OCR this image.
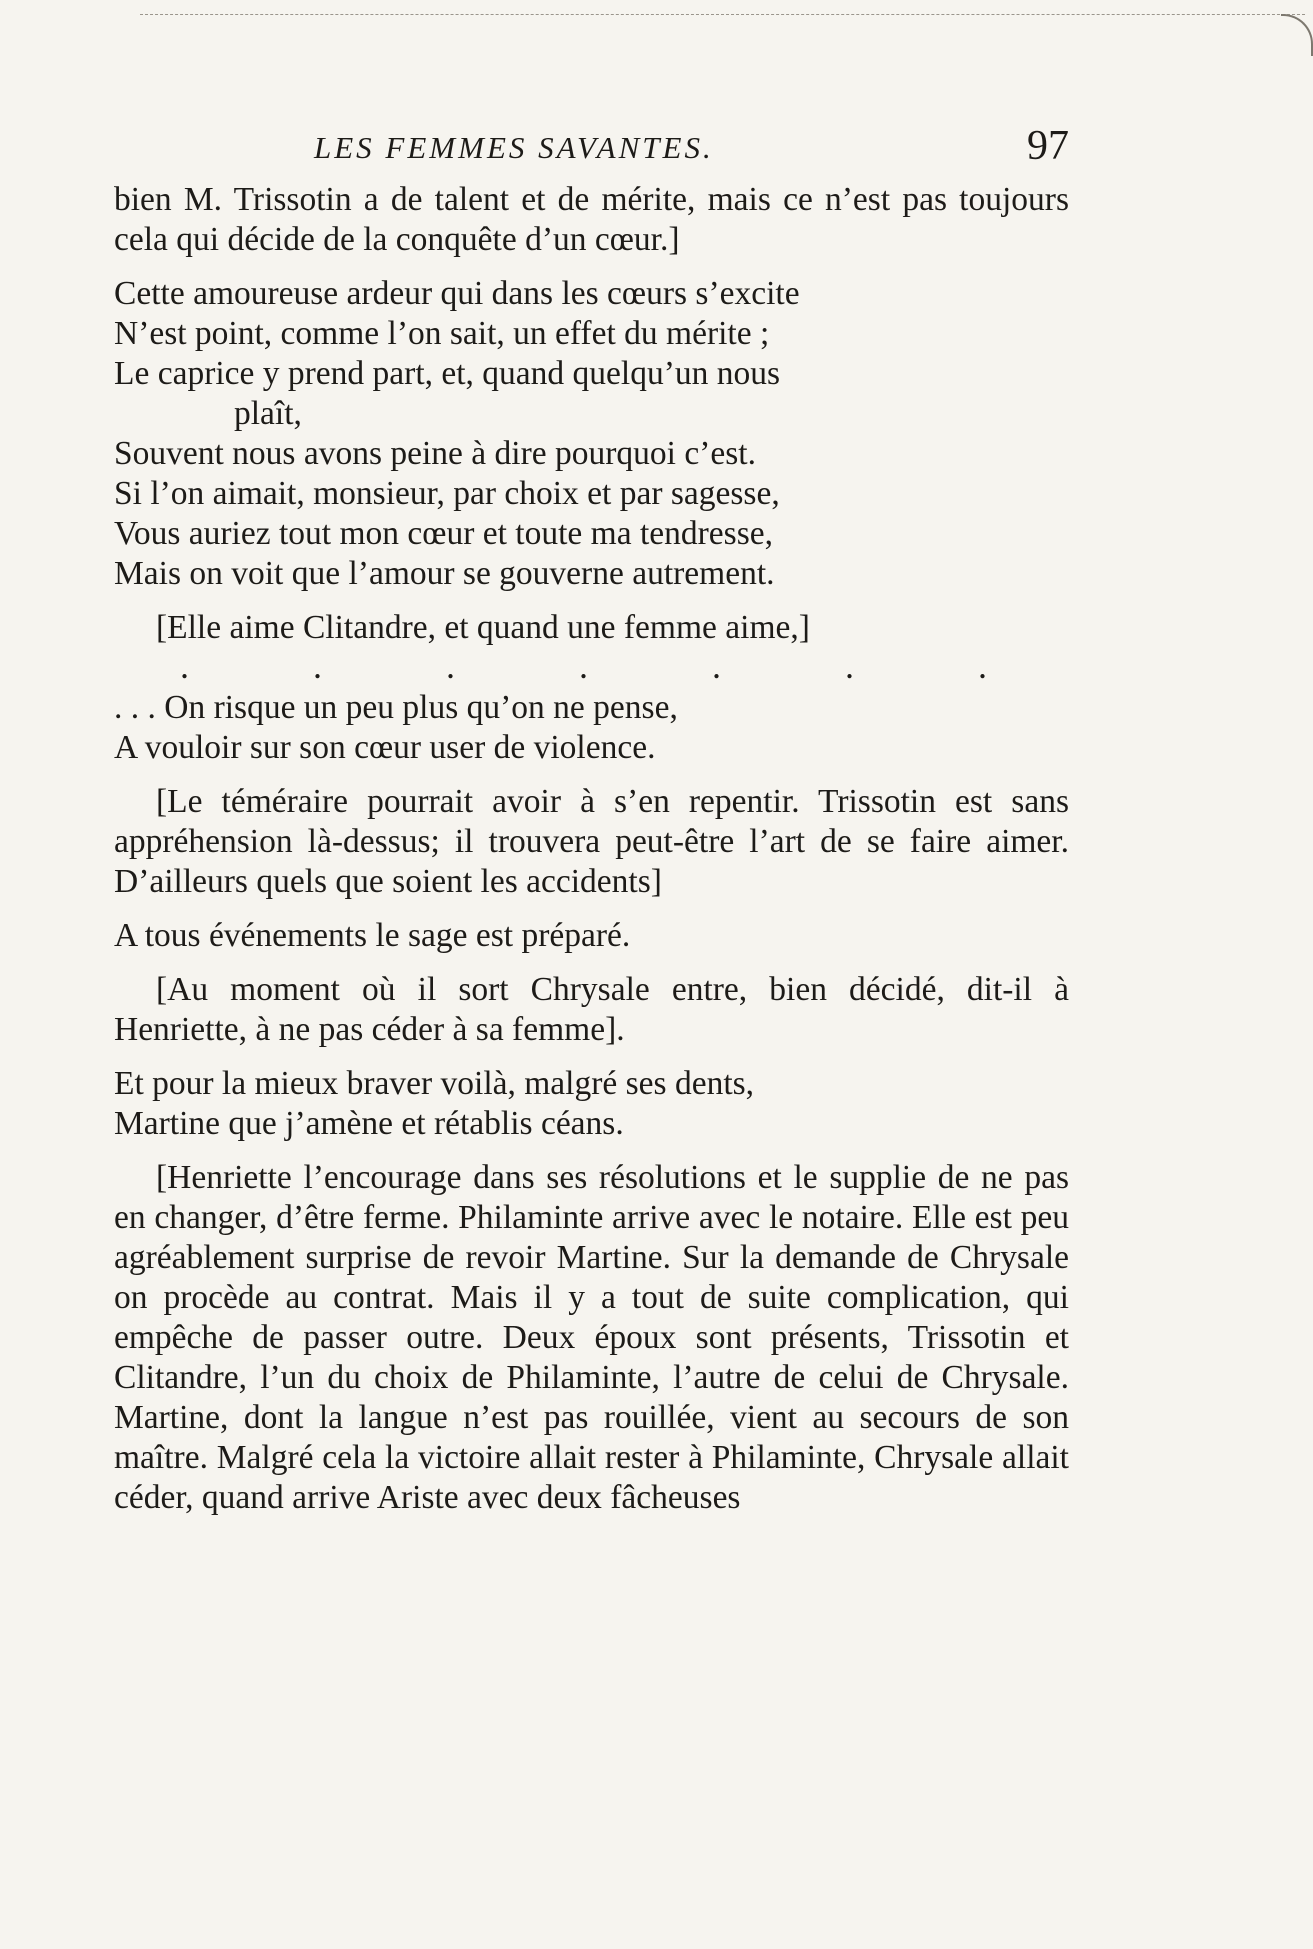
LES FEMMES SAVANTES.	97

bien M. Trissotin a de talent et de mérite, mais ce n’est pas toujours cela qui décide de la conquête d’un cœur.]

Cette amoureuse ardeur qui dans les cœurs s’excite
N’est point, comme l’on sait, un effet du mérite ;
Le caprice y prend part, et, quand quelqu’un nous
plaît,
Souvent nous avons peine à dire pourquoi c’est.
Si l’on aimait, monsieur, par choix et par sagesse,
Vous auriez tout mon cœur et toute ma tendresse,
Mais on voit que l’amour se gouverne autrement.
[Elle aime Clitandre, et quand une femme aime,]
.	.	.	.	.	.	.
. . . On risque un peu plus qu’on ne pense,
A vouloir sur son cœur user de violence.

[Le téméraire pourrait avoir à s’en repentir. Trissotin est sans appréhension là-dessus; il trouvera peut-être l’art de se faire aimer. D’ailleurs quels que soient les accidents]

A tous événements le sage est préparé.

[Au moment où il sort Chrysale entre, bien décidé, dit-il à Henriette, à ne pas céder à sa femme].

Et pour la mieux braver voilà, malgré ses dents,
Martine que j’amène et rétablis céans.

[Henriette l’encourage dans ses résolutions et le supplie de ne pas en changer, d’être ferme. Philaminte arrive avec le notaire. Elle est peu agréablement surprise de revoir Martine. Sur la demande de Chrysale on procède au contrat. Mais il y a tout de suite complication, qui empêche de passer outre. Deux époux sont présents, Trissotin et Clitandre, l’un du choix de Philaminte, l’autre de celui de Chrysale. Martine, dont la langue n’est pas rouillée, vient au secours de son maître. Malgré cela la victoire allait rester à Philaminte, Chrysale allait céder, quand arrive Ariste avec deux fâcheuses
